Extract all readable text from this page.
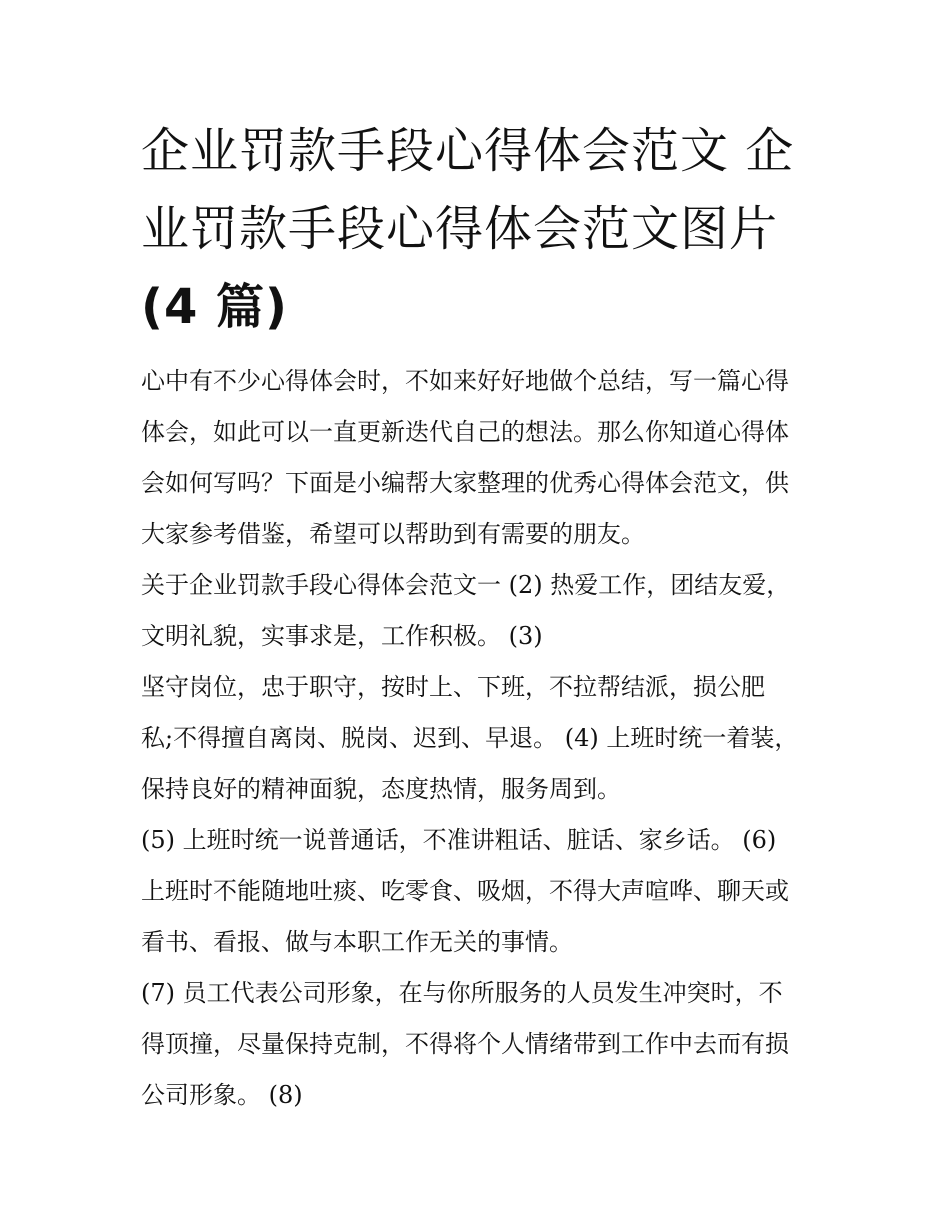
企业罚款手段心得体会范文 企
业罚款手段心得体会范文图片
(4 篇)
心中有不少心得体会时，不如来好好地做个总结，写一篇心得
体会，如此可以一直更新迭代自己的想法。那么你知道心得体
会如何写吗？下面是小编帮大家整理的优秀心得体会范文，供
大家参考借鉴，希望可以帮助到有需要的朋友。
关于企业罚款手段心得体会范文一 (2) 热爱工作，团结友爱，
文明礼貌，实事求是，工作积极。 (3)
坚守岗位，忠于职守，按时上、下班，不拉帮结派，损公肥
私;不得擅自离岗、脱岗、迟到、早退。 (4) 上班时统一着装，
保持良好的精神面貌，态度热情，服务周到。
(5) 上班时统一说普通话，不准讲粗话、脏话、家乡话。 (6)
上班时不能随地吐痰、吃零食、吸烟，不得大声喧哗、聊天或
看书、看报、做与本职工作无关的事情。
(7) 员工代表公司形象，在与你所服务的人员发生冲突时，不
得顶撞，尽量保持克制，不得将个人情绪带到工作中去而有损
公司形象。 (8)
